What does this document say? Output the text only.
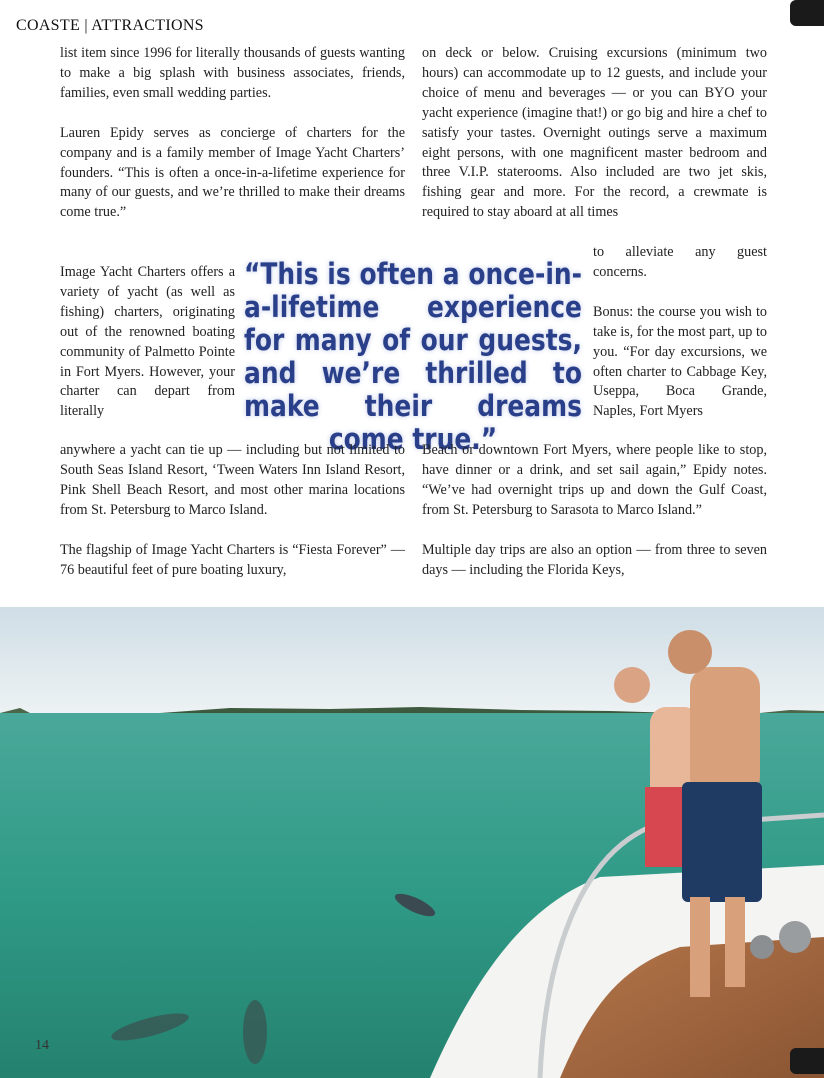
COASTE | ATTRACTIONS

list item since 1996 for literally thousands of guests wanting to make a big splash with business associates, friends, families, even small wedding parties.

Lauren Epidy serves as concierge of charters for the company and is a family member of Image Yacht Charters’ founders. “This is often a once-in-a-lifetime experience for many of our guests, and we’re thrilled to make their dreams come true.”

on deck or below. Cruising excursions (minimum two hours) can accommodate up to 12 guests, and include your choice of menu and beverages — or you can BYO your yacht experience (imagine that!) or go big and hire a chef to satisfy your tastes. Overnight outings serve a maximum eight persons, with one magnificent master bedroom and three V.I.P. staterooms. Also included are two jet skis, fishing gear and more. For the record, a crewmate is required to stay aboard at all times

Image Yacht Charters offers a variety of yacht (as well as fishing) charters, originating out of the renowned boating community of Palmetto Pointe in Fort Myers. However, your charter can depart from literally

to alleviate any guest concerns.

Bonus: the course you wish to take is, for the most part, up to you. “For day excursions, we often charter to Cabbage Key, Useppa, Boca Grande, Naples, Fort Myers

“This is often a once-in-a-lifetime experience for many of our guests, and we’re thrilled to make their dreams come true.”

anywhere a yacht can tie up — including but not limited to South Seas Island Resort, ‘Tween Waters Inn Island Resort, Pink Shell Beach Resort, and most other marina locations from St. Petersburg to Marco Island.

The flagship of Image Yacht Charters is “Fiesta Forever” — 76 beautiful feet of pure boating luxury,

Beach or downtown Fort Myers, where people like to stop, have dinner or a drink, and set sail again,” Epidy notes. “We’ve had overnight trips up and down the Gulf Coast, from St. Petersburg to Sarasota to Marco Island.”

Multiple day trips are also an option — from three to seven days — including the Florida Keys,

14
